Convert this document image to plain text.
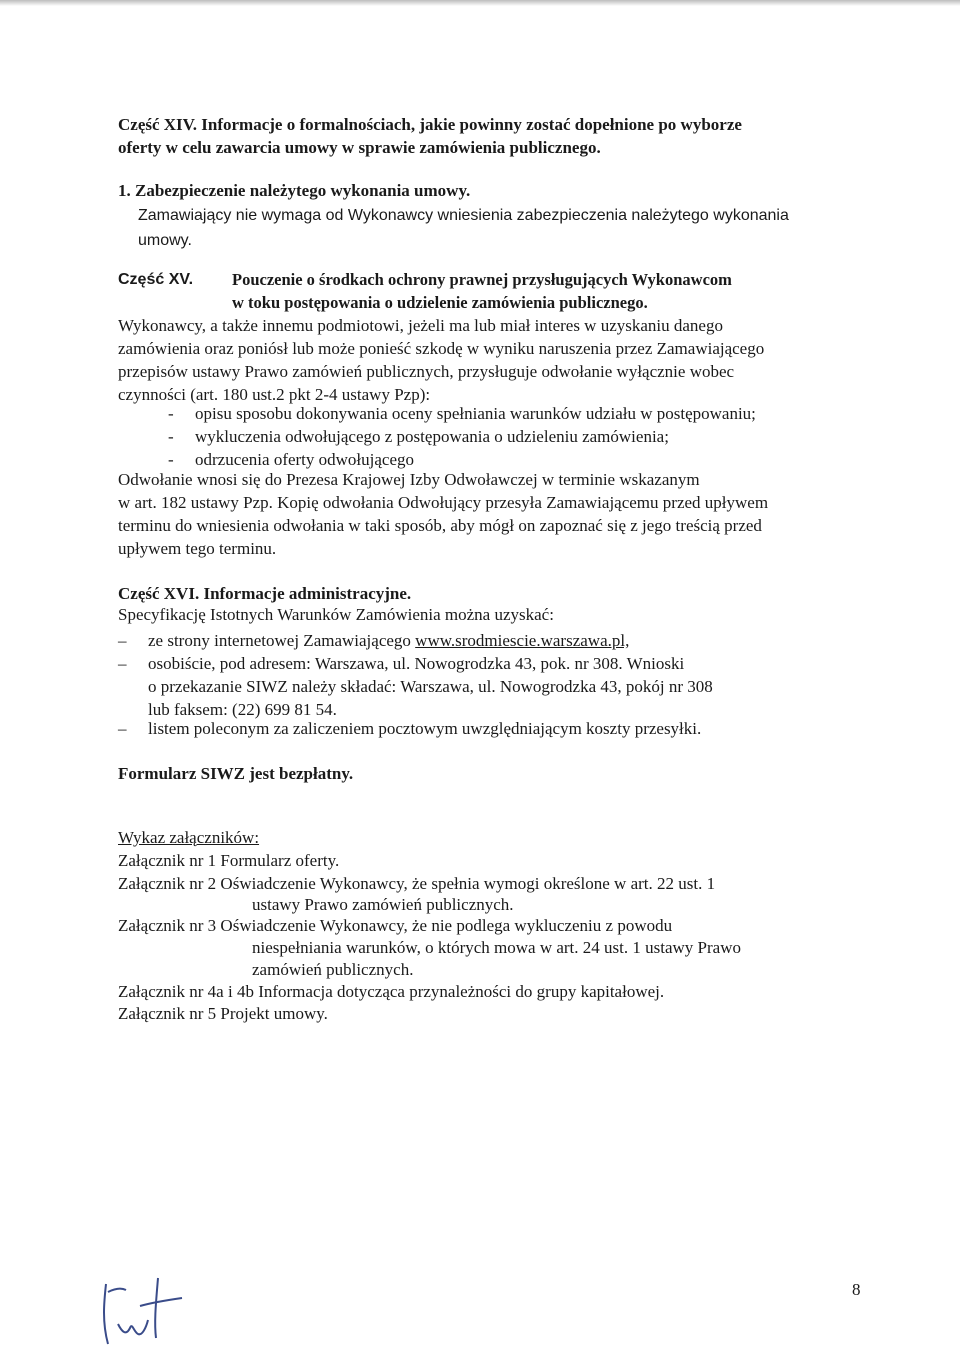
Część XIV. Informacje o formalnościach, jakie powinny zostać dopełnione po wyborze
oferty w celu zawarcia umowy w sprawie zamówienia publicznego.
1. Zabezpieczenie należytego wykonania umowy.
Zamawiający nie wymaga od Wykonawcy wniesienia zabezpieczenia należytego wykonania
umowy.
Część XV. Pouczenie o środkach ochrony prawnej przysługujących Wykonawcom
w toku postępowania o udzielenie zamówienia publicznego.
Wykonawcy, a także innemu podmiotowi, jeżeli ma lub miał interes w uzyskaniu danego
zamówienia oraz poniósł lub może ponieść szkodę w wyniku naruszenia przez Zamawiającego
przepisów ustawy Prawo zamówień publicznych, przysługuje odwołanie wyłącznie wobec
czynności (art. 180 ust.2 pkt 2-4 ustawy Pzp):
- opisu sposobu dokonywania oceny spełniania warunków udziału w postępowaniu;
- wykluczenia odwołującego z postępowania o udzieleniu zamówienia;
- odrzucenia oferty odwołującego
Odwołanie wnosi się do Prezesa Krajowej Izby Odwoławczej w terminie wskazanym
w art. 182 ustawy Pzp. Kopię odwołania Odwołujący przesyła Zamawiającemu przed upływem
terminu do wniesienia odwołania w taki sposób, aby mógł on zapoznać się z jego treścią przed
upływem tego terminu.
Część XVI. Informacje administracyjne.
Specyfikację Istotnych Warunków Zamówienia można uzyskać:
– ze strony internetowej Zamawiającego www.srodmiescie.warszawa.pl,
– osobiście, pod adresem: Warszawa, ul. Nowogrodzka 43, pok. nr 308. Wnioski
o przekazanie SIWZ należy składać: Warszawa, ul. Nowogrodzka 43, pokój nr 308
lub faksem: (22) 699 81 54.
– listem poleconym za zaliczeniem pocztowym uwzględniającym koszty przesyłki.
Formularz SIWZ jest bezpłatny.
Wykaz załączników:
Załącznik nr 1 Formularz oferty.
Załącznik nr 2 Oświadczenie Wykonawcy, że spełnia wymogi określone w art. 22 ust. 1
ustawy Prawo zamówień publicznych.
Załącznik nr 3 Oświadczenie Wykonawcy, że nie podlega wykluczeniu z powodu
niespełniania warunków, o których mowa w art. 24 ust. 1 ustawy Prawo
zamówień publicznych.
Załącznik nr 4a i 4b Informacja dotycząca przynależności do grupy kapitałowej.
Załącznik nr 5 Projekt umowy.
8
